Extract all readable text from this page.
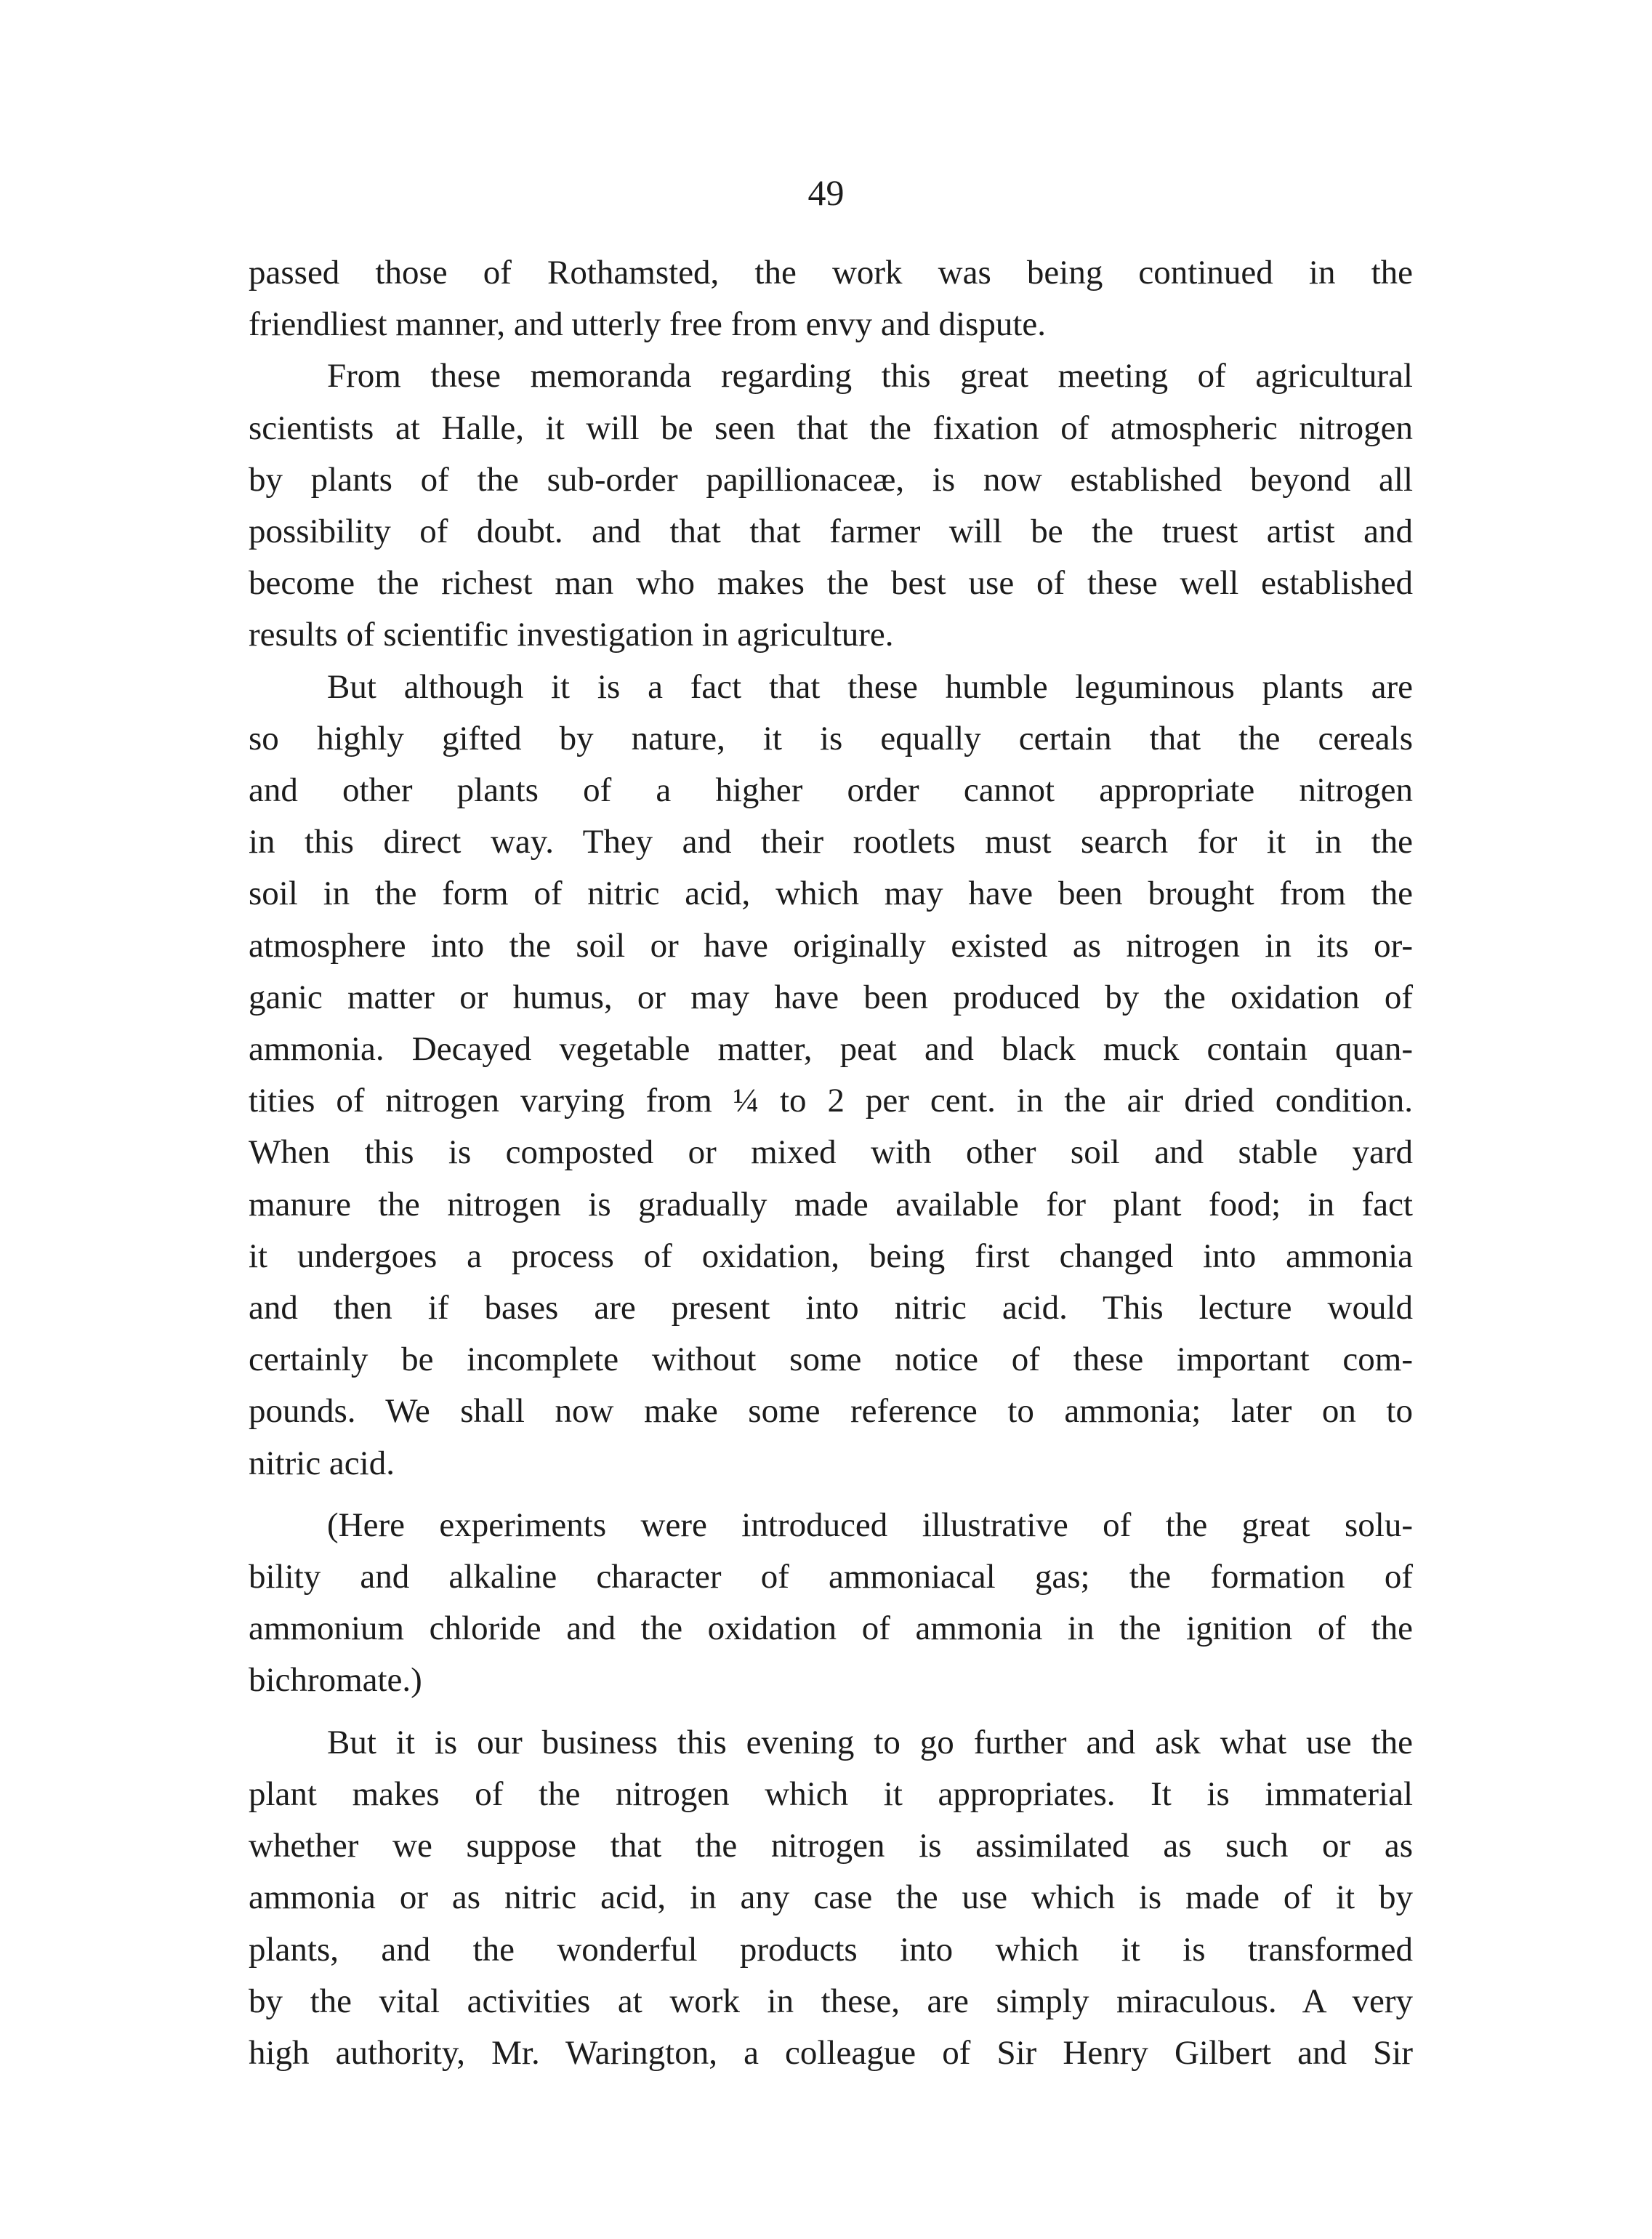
49
passed those of Rothamsted, the work was being continued in the
friendliest manner, and utterly free from envy and dispute.
From these memoranda regarding this great meeting of agricultural
scientists at Halle, it will be seen that the fixation of atmospheric nitrogen
by plants of the sub-order papillionaceæ, is now established beyond all
possibility of doubt. and that that farmer will be the truest artist and
become the richest man who makes the best use of these well established
results of scientific investigation in agriculture.
But although it is a fact that these humble leguminous plants are
so highly gifted by nature, it is equally certain that the cereals
and other plants of a higher order cannot appropriate nitrogen
in this direct way. They and their rootlets must search for it in the
soil in the form of nitric acid, which may have been brought from the
atmosphere into the soil or have originally existed as nitrogen in its or-
ganic matter or humus, or may have been produced by the oxidation of
ammonia. Decayed vegetable matter, peat and black muck contain quan-
tities of nitrogen varying from ¼ to 2 per cent. in the air dried condition.
When this is composted or mixed with other soil and stable yard
manure the nitrogen is gradually made available for plant food; in fact
it undergoes a process of oxidation, being first changed into ammonia
and then if bases are present into nitric acid. This lecture would
certainly be incomplete without some notice of these important com-
pounds. We shall now make some reference to ammonia; later on to
nitric acid.
(Here experiments were introduced illustrative of the great solu-
bility and alkaline character of ammoniacal gas; the formation of
ammonium chloride and the oxidation of ammonia in the ignition of the
bichromate.)
But it is our business this evening to go further and ask what use the
plant makes of the nitrogen which it appropriates. It is immaterial
whether we suppose that the nitrogen is assimilated as such or as
ammonia or as nitric acid, in any case the use which is made of it by
plants, and the wonderful products into which it is transformed
by the vital activities at work in these, are simply miraculous. A very
high authority, Mr. Warington, a colleague of Sir Henry Gilbert and Sir
